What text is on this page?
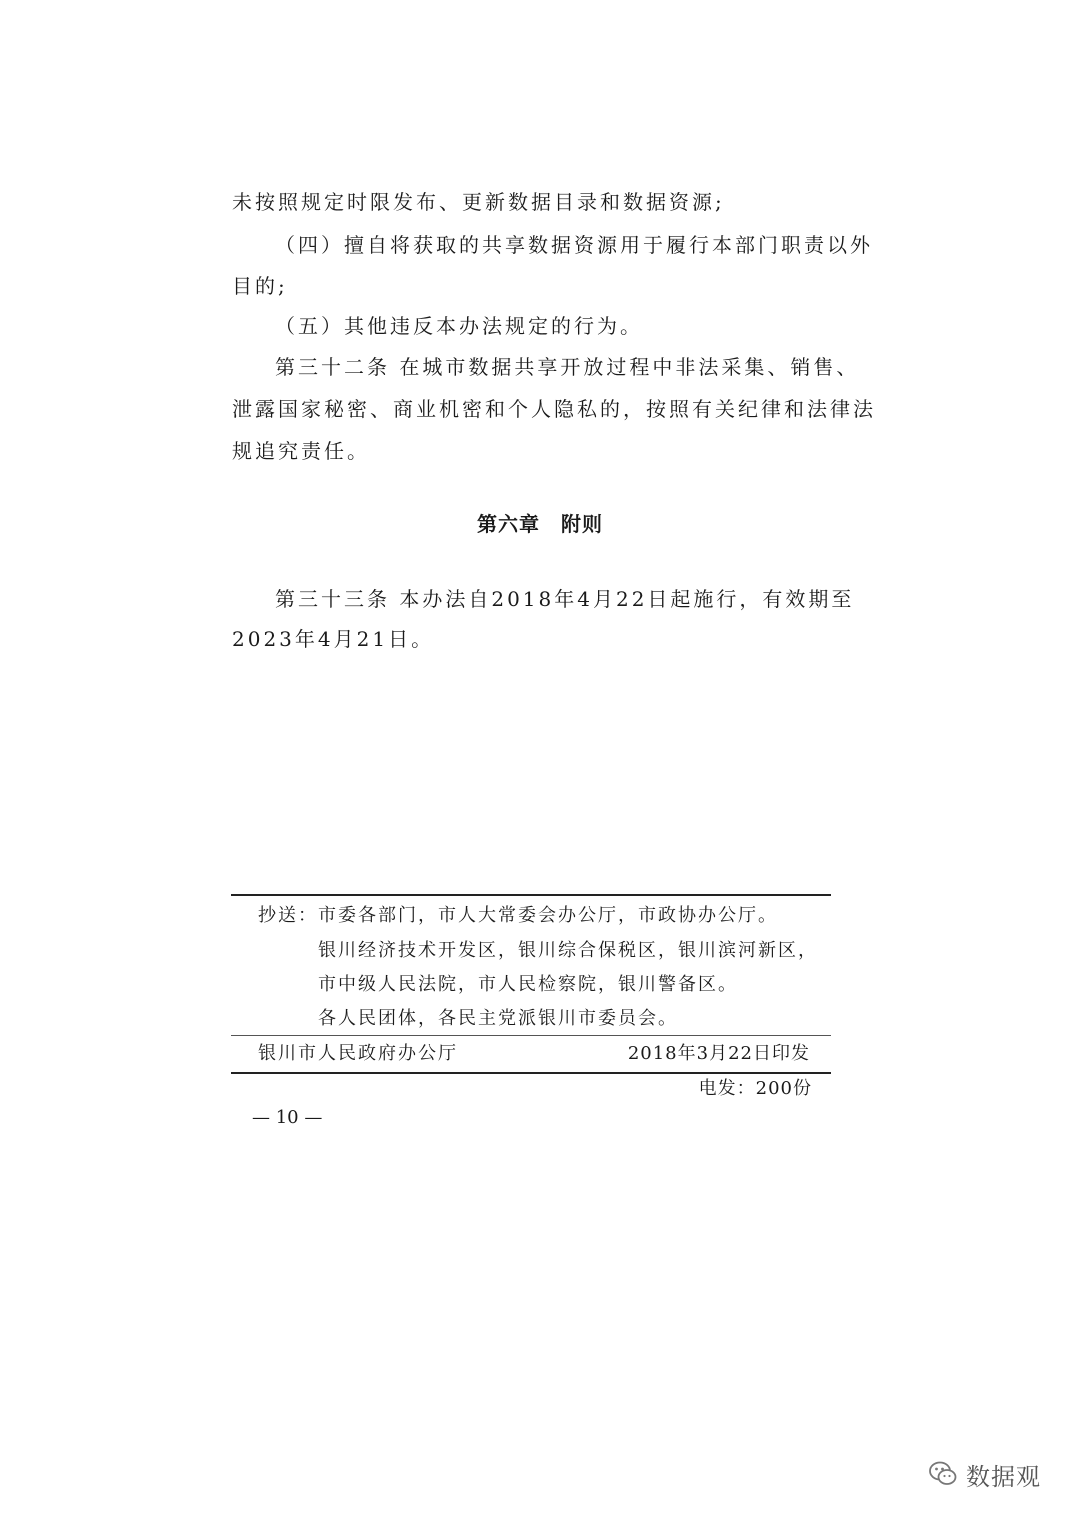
未按照规定时限发布、更新数据目录和数据资源;
（四）擅自将获取的共享数据资源用于履行本部门职责以外
目的;
（五）其他违反本办法规定的行为。
第三十二条 在城市数据共享开放过程中非法采集、销售、
泄露国家秘密、商业机密和个人隐私的，按照有关纪律和法律法
规追究责任。
第六章　附则
第三十三条 本办法自2018年4月22日起施行，有效期至
2023年4月21日。
抄送：市委各部门，市人大常委会办公厅，市政协办公厅。
银川经济技术开发区，银川综合保税区，银川滨河新区，
市中级人民法院，市人民检察院，银川警备区。
各人民团体，各民主党派银川市委员会。
银川市人民政府办公厅	2018年3月22日印发
电发：200份
— 10 —
数据观
